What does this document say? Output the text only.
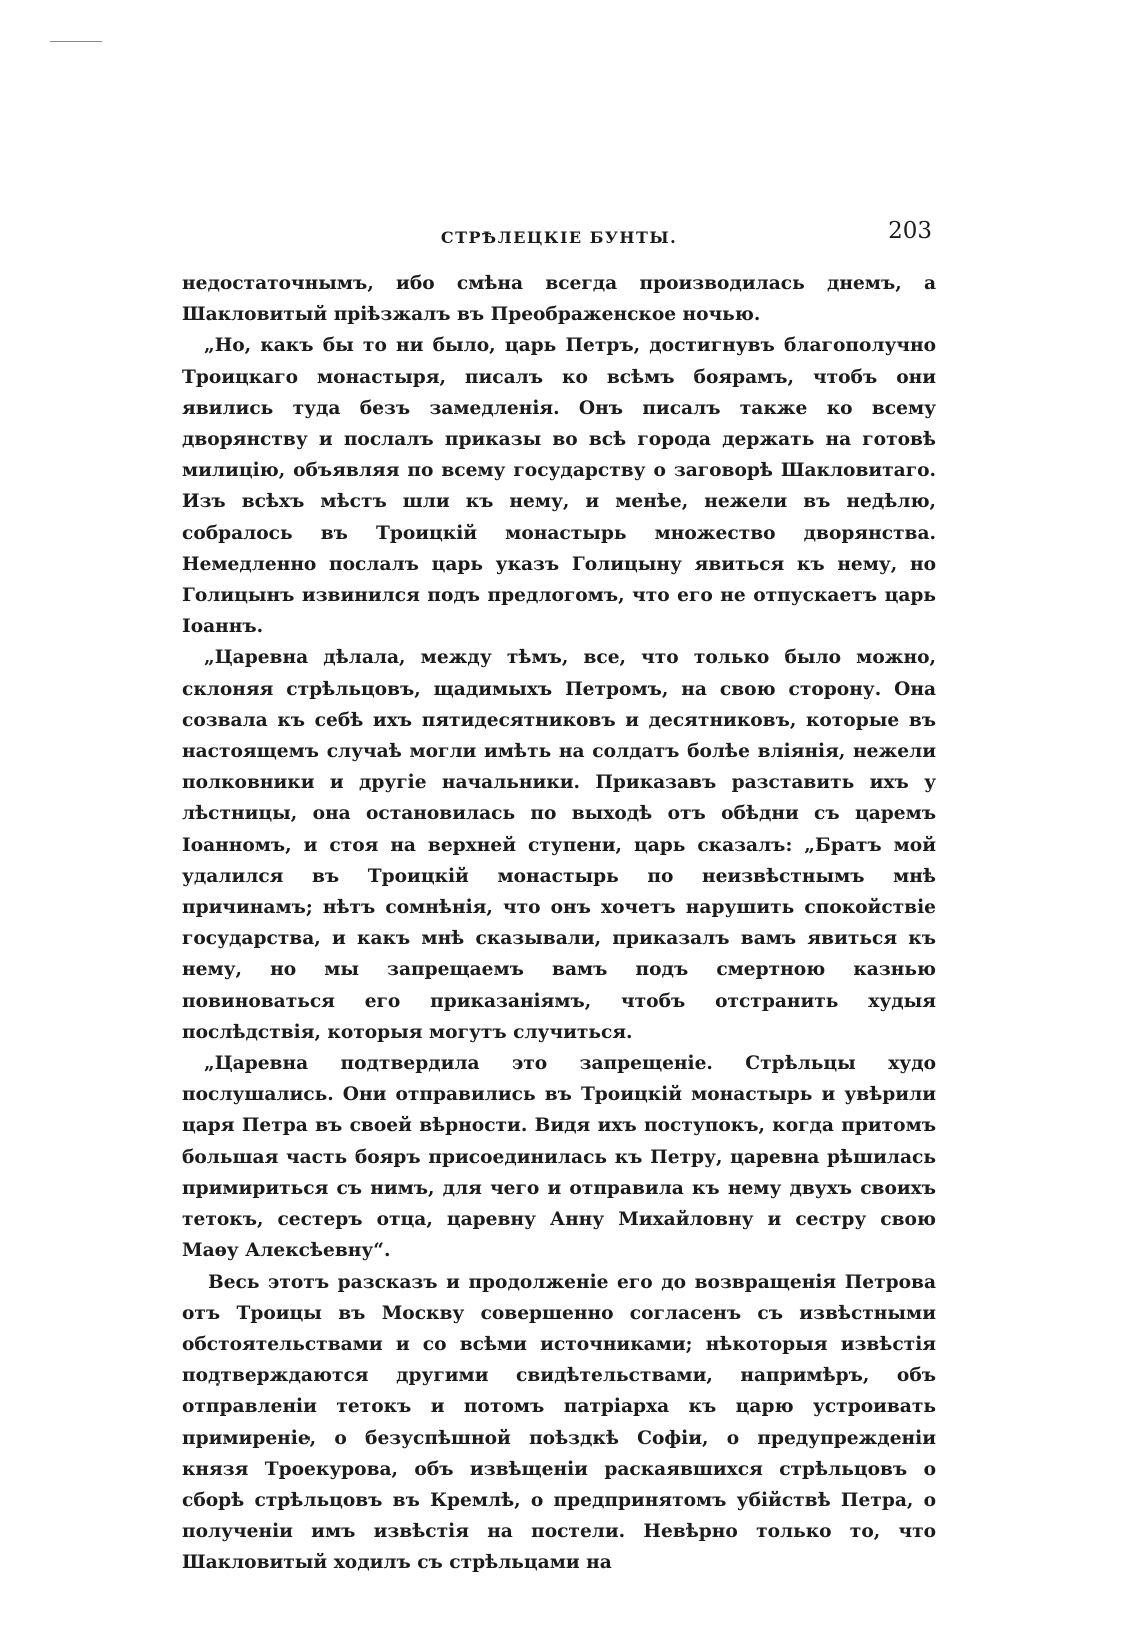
СТРѢЛЕЦКІЕ БУНТЫ.	203

недостаточнымъ, ибо смѣна всегда производилась днемъ, а Шакловитый пріѣзжалъ въ Преображенское ночью.

„Но, какъ бы то ни было, царь Петръ, достигнувъ благополучно Троицкаго монастыря, писалъ ко всѣмъ боярамъ, чтобъ они явились туда безъ замедленія. Онъ писалъ также ко всему дворянству и послалъ приказы во всѣ города держать на готовѣ милицію, объявляя по всему государству о заговорѣ Шакловитаго. Изъ всѣхъ мѣстъ шли къ нему, и менѣе, нежели въ недѣлю, собралось въ Троицкій монастырь множество дворянства. Немедленно послалъ царь указъ Голицыну явиться къ нему, но Голицынъ извинился подъ предлогомъ, что его не отпускаетъ царь Іоаннъ.

„Царевна дѣлала, между тѣмъ, все, что только было можно, склоняя стрѣльцовъ, щадимыхъ Петромъ, на свою сторону. Она созвала къ себѣ ихъ пятидесятниковъ и десятниковъ, которые въ настоящемъ случаѣ могли имѣть на солдатъ болѣе вліянія, нежели полковники и другіе начальники. Приказавъ разставить ихъ у лѣстницы, она остановилась по выходѣ отъ обѣдни съ царемъ Іоанномъ, и стоя на верхней ступени, царь сказалъ: „Братъ мой удалился въ Троицкій монастырь по неизвѣстнымъ мнѣ причинамъ; нѣтъ сомнѣнія, что онъ хочетъ нарушить спокойствіе государства, и какъ мнѣ сказывали, приказалъ вамъ явиться къ нему, но мы запрещаемъ вамъ подъ смертною казнью повиноваться его приказаніямъ, чтобъ отстранить худыя послѣдствія, которыя могутъ случиться.

„Царевна подтвердила это запрещеніе. Стрѣльцы худо послушались. Они отправились въ Троицкій монастырь и увѣрили царя Петра въ своей вѣрности. Видя ихъ поступокъ, когда притомъ большая часть бояръ присоединилась къ Петру, царевна рѣшилась примириться съ нимъ, для чего и отправила къ нему двухъ своихъ тетокъ, сестеръ отца, царевну Анну Михайловну и сестру свою Маѳу Алексѣевну“.

Весь этотъ разсказъ и продолженіе его до возвращенія Петрова отъ Троицы въ Москву совершенно согласенъ съ извѣстными обстоятельствами и со всѣми источниками; нѣкоторыя извѣстія подтверждаются другими свидѣтельствами, напримѣръ, объ отправленіи тетокъ и потомъ патріарха къ царю устроивать примиреніе, о безуспѣшной поѣздкѣ Софіи, о предупрежденіи князя Троекурова, объ извѣщеніи раскаявшихся стрѣльцовъ о сборѣ стрѣльцовъ въ Кремлѣ, о предпринятомъ убійствѣ Петра, о полученіи имъ извѣстія на постели. Невѣрно только то, что Шакловитый ходилъ съ стрѣльцами на
